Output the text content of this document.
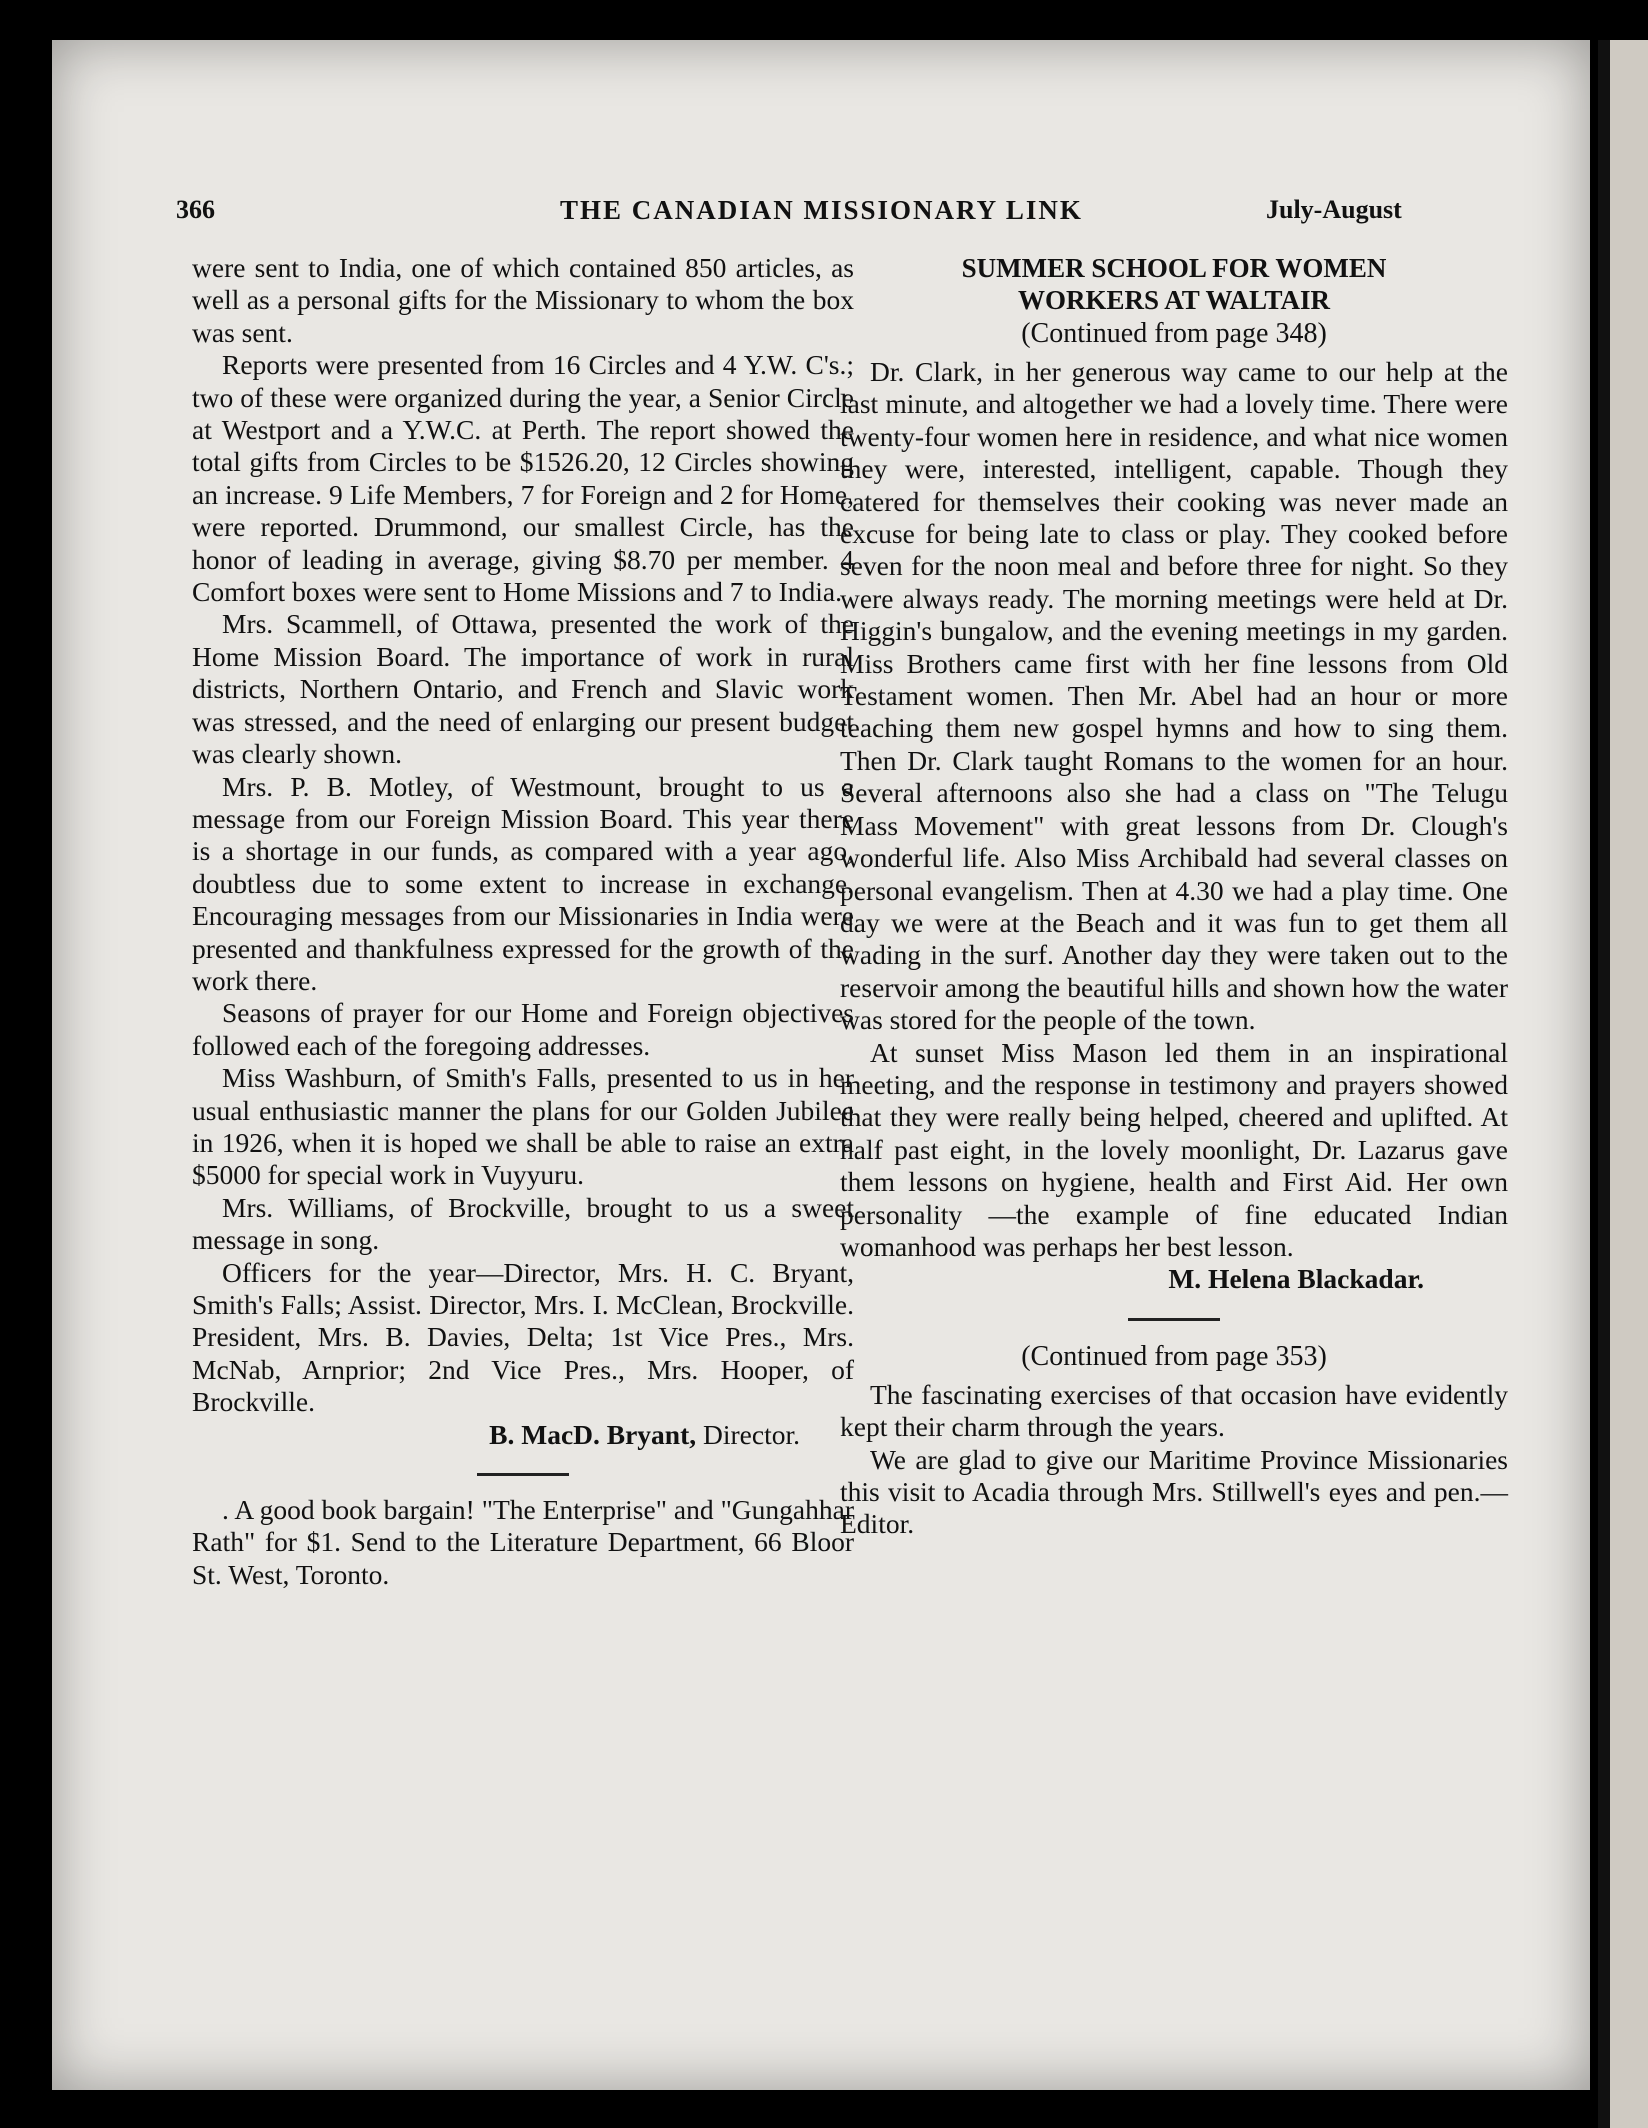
366	THE CANADIAN MISSIONARY LINK	July-August

were sent to India, one of which contained 850 articles, as well as a personal gifts for the Missionary to whom the box was sent.

Reports were presented from 16 Circles and 4 Y.W. C's.; two of these were organized during the year, a Senior Circle at Westport and a Y.W.C. at Perth. The report showed the total gifts from Circles to be $1526.20, 12 Circles showing an increase. 9 Life Members, 7 for Foreign and 2 for Home, were reported. Drummond, our smallest Circle, has the honor of leading in average, giving $8.70 per member. 4 Comfort boxes were sent to Home Missions and 7 to India.

Mrs. Scammell, of Ottawa, presented the work of the Home Mission Board. The importance of work in rural districts, Northern Ontario, and French and Slavic work was stressed, and the need of enlarging our present budget was clearly shown.

Mrs. P. B. Motley, of Westmount, brought to us a message from our Foreign Mission Board. This year there is a shortage in our funds, as compared with a year ago, doubtless due to some extent to increase in exchange. Encouraging messages from our Missionaries in India were presented and thankfulness expressed for the growth of the work there.

Seasons of prayer for our Home and Foreign objectives followed each of the foregoing addresses.

Miss Washburn, of Smith's Falls, presented to us in her usual enthusiastic manner the plans for our Golden Jubilee in 1926, when it is hoped we shall be able to raise an extra $5000 for special work in Vuyyuru.

Mrs. Williams, of Brockville, brought to us a sweet message in song.

Officers for the year—Director, Mrs. H. C. Bryant, Smith's Falls; Assist. Director, Mrs. I. McClean, Brockville. President, Mrs. B. Davies, Delta; 1st Vice Pres., Mrs. McNab, Arnprior; 2nd Vice Pres., Mrs. Hooper, of Brockville.

B. MacD. Bryant, Director.

. A good book bargain! "The Enterprise" and "Gungahhar Rath" for $1. Send to the Literature Department, 66 Bloor St. West, Toronto.

SUMMER SCHOOL FOR WOMEN
WORKERS AT WALTAIR
(Continued from page 348)

Dr. Clark, in her generous way came to our help at the last minute, and altogether we had a lovely time. There were twenty-four women here in residence, and what nice women they were, interested, intelligent, capable. Though they catered for themselves their cooking was never made an excuse for being late to class or play. They cooked before seven for the noon meal and before three for night. So they were always ready. The morning meetings were held at Dr. Higgin's bungalow, and the evening meetings in my garden. Miss Brothers came first with her fine lessons from Old Testament women. Then Mr. Abel had an hour or more teaching them new gospel hymns and how to sing them. Then Dr. Clark taught Romans to the women for an hour. Several afternoons also she had a class on "The Telugu Mass Movement" with great lessons from Dr. Clough's wonderful life. Also Miss Archibald had several classes on personal evangelism. Then at 4.30 we had a play time. One day we were at the Beach and it was fun to get them all wading in the surf. Another day they were taken out to the reservoir among the beautiful hills and shown how the water was stored for the people of the town.

At sunset Miss Mason led them in an inspirational meeting, and the response in testimony and prayers showed that they were really being helped, cheered and uplifted. At half past eight, in the lovely moonlight, Dr. Lazarus gave them lessons on hygiene, health and First Aid. Her own personality —the example of fine educated Indian womanhood was perhaps her best lesson.

M. Helena Blackadar.

(Continued from page 353)

The fascinating exercises of that occasion have evidently kept their charm through the years.

We are glad to give our Maritime Province Missionaries this visit to Acadia through Mrs. Stillwell's eyes and pen.—Editor.
